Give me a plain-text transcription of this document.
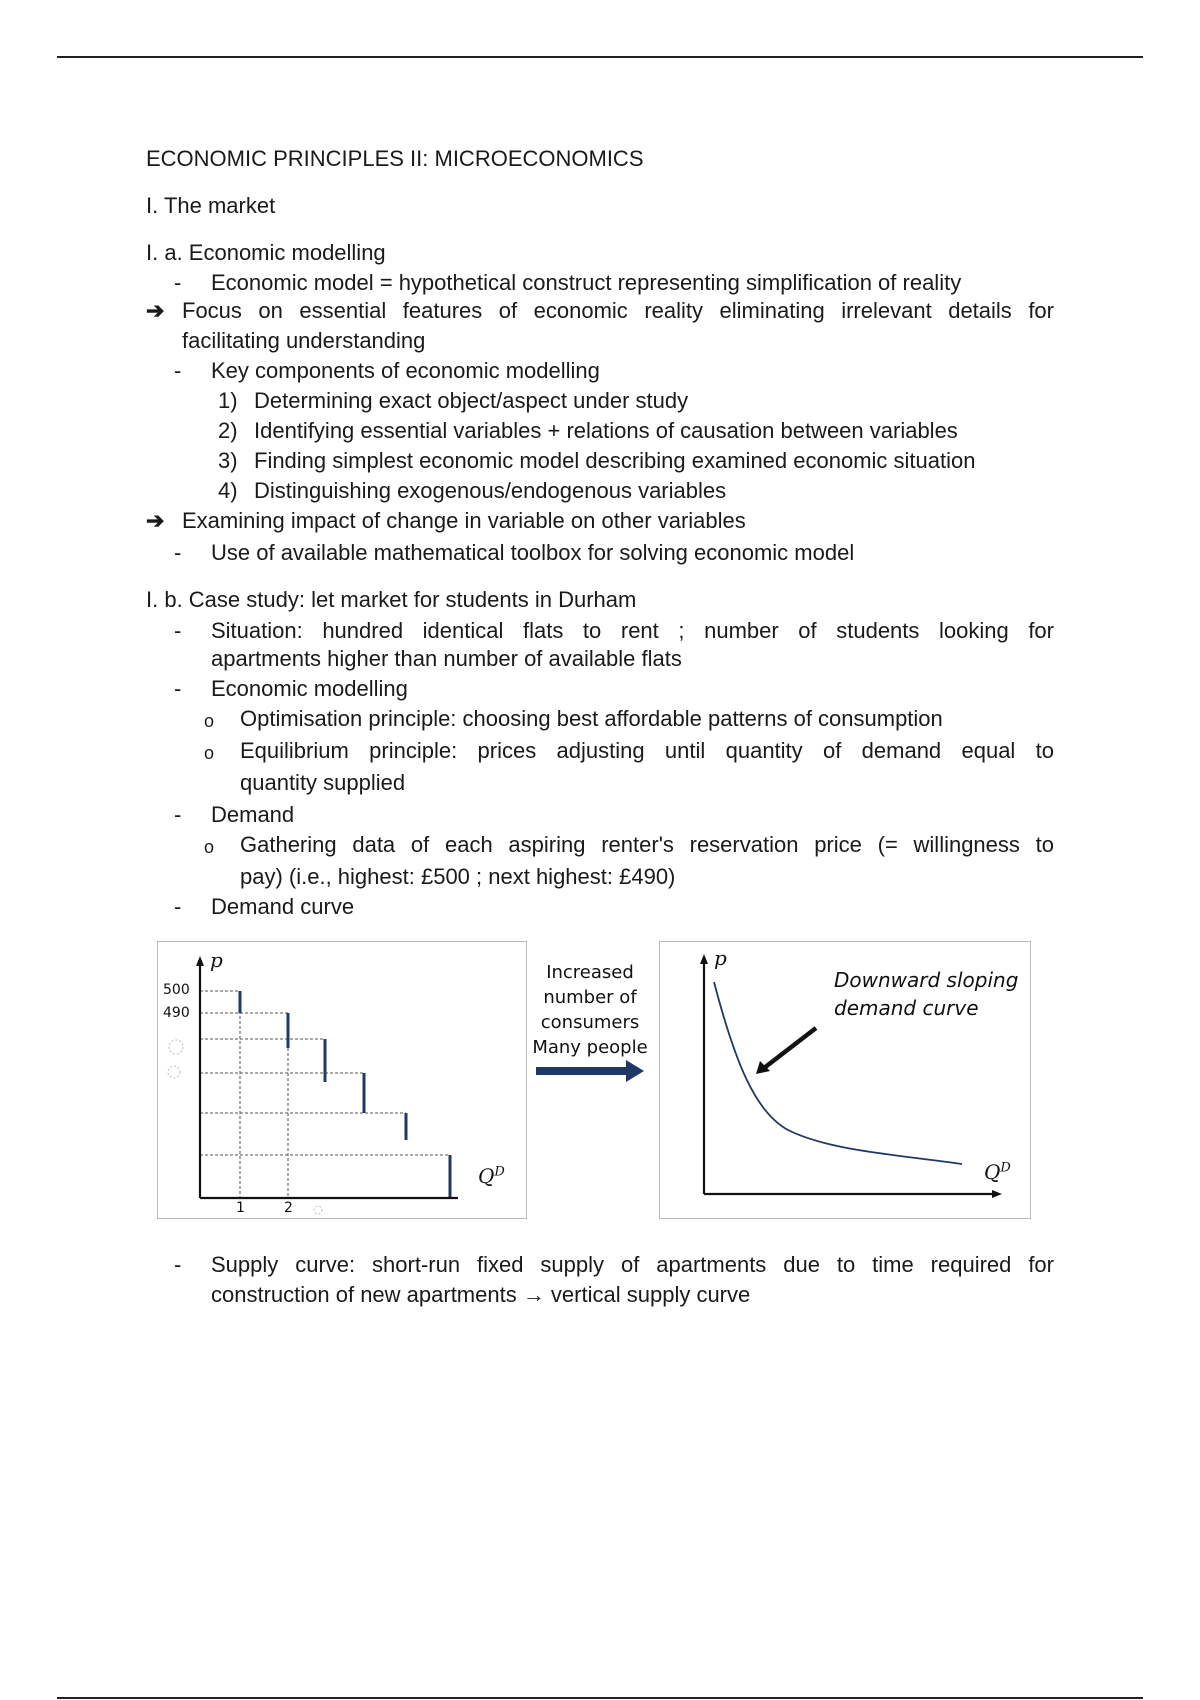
ECONOMIC PRINCIPLES II: MICROECONOMICS
I. The market
I. a. Economic modelling
- Economic model = hypothetical construct representing simplification of reality
➔ Focus on essential features of economic reality eliminating irrelevant details for
facilitating understanding
- Key components of economic modelling
1) Determining exact object/aspect under study
2) Identifying essential variables + relations of causation between variables
3) Finding simplest economic model describing examined economic situation
4) Distinguishing exogenous/endogenous variables
➔ Examining impact of change in variable on other variables
- Use of available mathematical toolbox for solving economic model
I. b. Case study: let market for students in Durham
- Situation: hundred identical flats to rent ; number of students looking for
apartments higher than number of available flats
- Economic modelling
o Optimisation principle: choosing best affordable patterns of consumption
o Equilibrium principle: prices adjusting until quantity of demand equal to
quantity supplied
- Demand
o Gathering data of each aspiring renter's reservation price (= willingness to
pay) (i.e., highest: £500 ; next highest: £490)
- Demand curve
p
$Q^D$
500
490
1	2
Increased
number of
consumers
Many people
p
$Q^D$
Downward sloping
demand curve
- Supply curve: short-run fixed supply of apartments due to time required for
construction of new apartments → vertical supply curve
